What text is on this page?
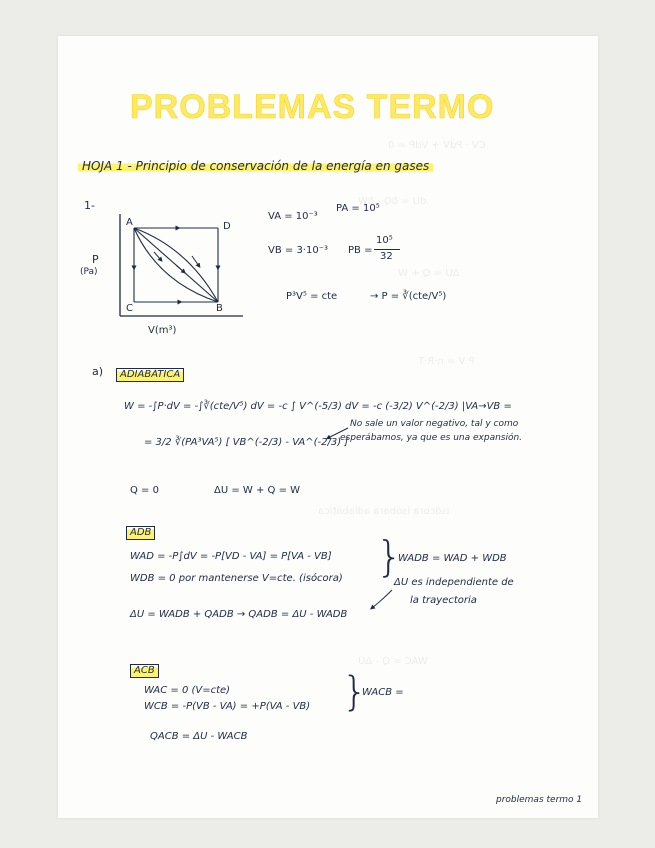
CV · PdV + VdP = 0
dU = δQ - δW
ΔU = Q + W
P·V = n·R·T
isócora isóbara adiabática
WAC = Q - ΔU
PROBLEMAS TERMO
HOJA 1 - Principio de conservación de la energía en gases
1-
A	D
C	B
P
(Pa)
V(m³)
VA = 10⁻³
PA = 10⁵
VB = 3·10⁻³ PB =
10⁵
32
P³V⁵ = cte	→ P = ∛(cte/V⁵)
a)	ADIABÁTICA
W = -∫P·dV = -∫∛(cte/V⁵) dV = -c ∫ V^(-5/3) dV = -c (-3/2) V^(-2/3) |VA→VB =
= 3/2 ∛(PA³VA⁵) [ VB^(-2/3) - VA^(-2/3) ]
No sale un valor negativo, tal y como
esperábamos, ya que es una expansión.
Q = 0	ΔU = W + Q = W
ADB
WAD = -P∫dV = -P[VD - VA] = P[VA - VB]
WDB = 0 por mantenerse V=cte. (isócora) }
WADB = WAD + WDB
ΔU = WADB + QADB → QADB = ΔU - WADB
ΔU es independiente de
la trayectoria
ACB
WAC = 0 (V=cte)
WCB = -P(VB - VA) = +P(VA - VB) }
WACB =
QACB = ΔU - WACB
problemas termo 1
